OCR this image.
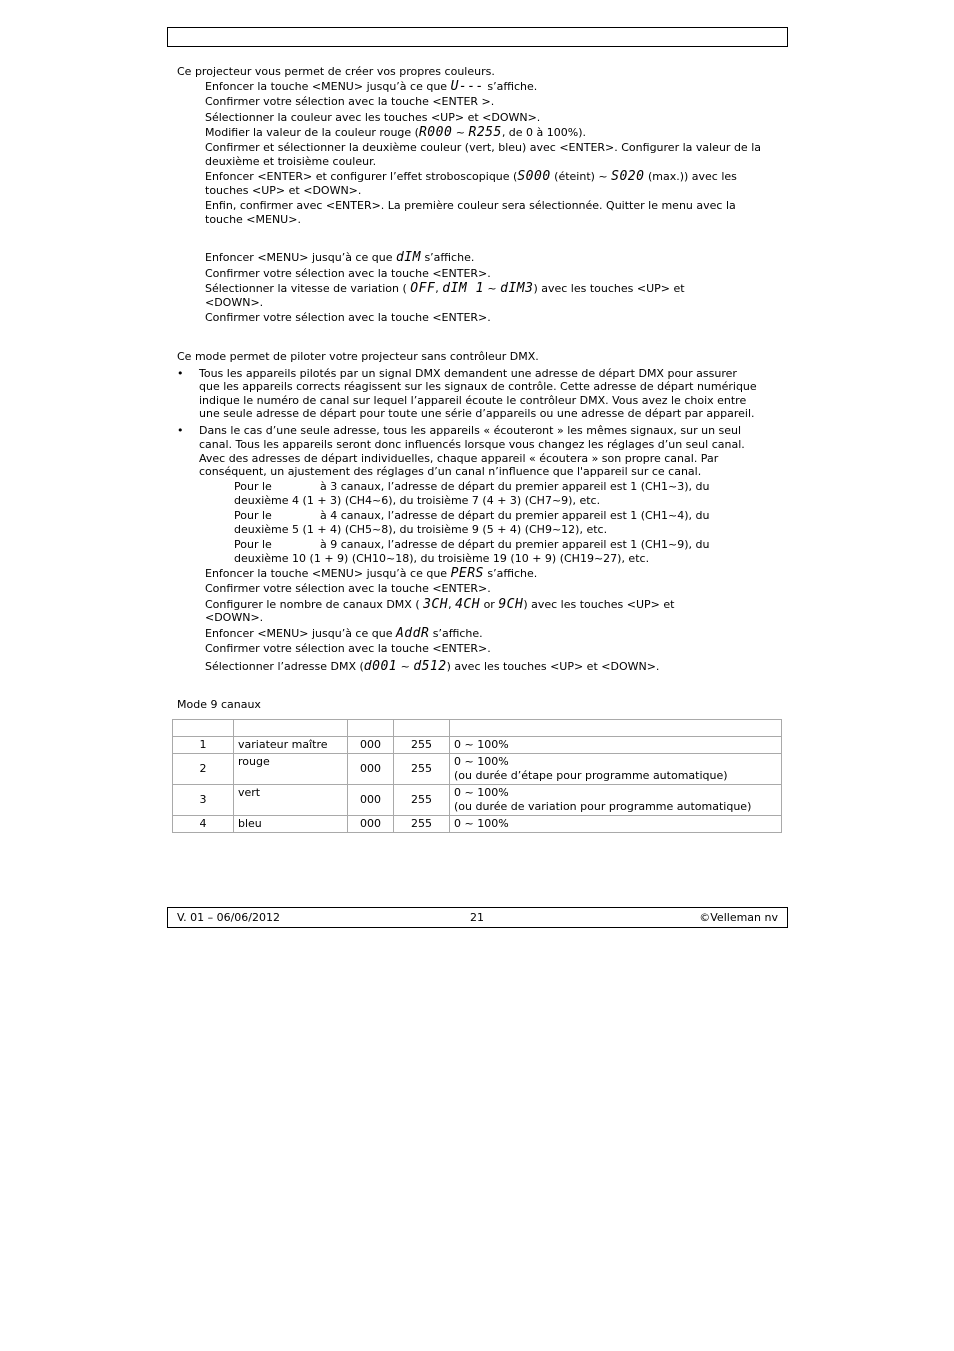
Ce projecteur vous permet de créer vos propres couleurs.
Enfoncer la touche <MENU> jusqu’à ce que U--- s’affiche.
Confirmer votre sélection avec la touche <ENTER >.
Sélectionner la couleur avec les touches <UP> et <DOWN>.
Modifier la valeur de la couleur rouge (R000 ~ R255, de 0 à 100%).
Confirmer et sélectionner la deuxième couleur (vert, bleu) avec <ENTER>. Configurer la valeur de la
deuxième et troisième couleur.
Enfoncer <ENTER> et configurer l’effet stroboscopique (S000 (éteint) ~ S020 (max.)) avec les
touches <UP> et <DOWN>.
Enfin, confirmer avec <ENTER>. La première couleur sera sélectionnée. Quitter le menu avec la
touche <MENU>.
Enfoncer <MENU> jusqu’à ce que dIM s’affiche.
Confirmer votre sélection avec la touche <ENTER>.
Sélectionner la vitesse de variation ( OFF, dIM 1 ~ dIM3) avec les touches <UP> et
<DOWN>.
Confirmer votre sélection avec la touche <ENTER>.
Ce mode permet de piloter votre projecteur sans contrôleur DMX.
• Tous les appareils pilotés par un signal DMX demandent une adresse de départ DMX pour assurer
que les appareils corrects réagissent sur les signaux de contrôle. Cette adresse de départ numérique
indique le numéro de canal sur lequel l’appareil écoute le contrôleur DMX. Vous avez le choix entre
une seule adresse de départ pour toute une série d’appareils ou une adresse de départ par appareil.
• Dans le cas d’une seule adresse, tous les appareils « écouteront » les mêmes signaux, sur un seul
canal. Tous les appareils seront donc influencés lorsque vous changez les réglages d’un seul canal.
Avec des adresses de départ individuelles, chaque appareil « écoutera » son propre canal. Par
conséquent, un ajustement des réglages d’un canal n’influence que l'appareil sur ce canal.
Pour le	à 3 canaux, l’adresse de départ du premier appareil est 1 (CH1~3), du
deuxième 4 (1 + 3) (CH4~6), du troisième 7 (4 + 3) (CH7~9), etc.
Pour le	à 4 canaux, l’adresse de départ du premier appareil est 1 (CH1~4), du
deuxième 5 (1 + 4) (CH5~8), du troisième 9 (5 + 4) (CH9~12), etc.
Pour le	à 9 canaux, l’adresse de départ du premier appareil est 1 (CH1~9), du
deuxième 10 (1 + 9) (CH10~18), du troisième 19 (10 + 9) (CH19~27), etc.
Enfoncer la touche <MENU> jusqu’à ce que PERS s’affiche.
Confirmer votre sélection avec la touche <ENTER>.
Configurer le nombre de canaux DMX ( 3CH, 4CH or 9CH) avec les touches <UP> et
<DOWN>.
Enfoncer <MENU> jusqu’à ce que AddR s’affiche.
Confirmer votre sélection avec la touche <ENTER>.
Sélectionner l’adresse DMX (d001 ~ d512) avec les touches <UP> et <DOWN>.
Mode 9 canaux

1	variateur maître	000	255	0 ~ 100%
2	rouge	000	255	0 ~ 100%
(ou durée d’étape pour programme automatique)
3	vert	000	255	0 ~ 100%
(ou durée de variation pour programme automatique)
4	bleu	000	255	0 ~ 100%
V. 01 – 06/06/2012	21	©Velleman nv
